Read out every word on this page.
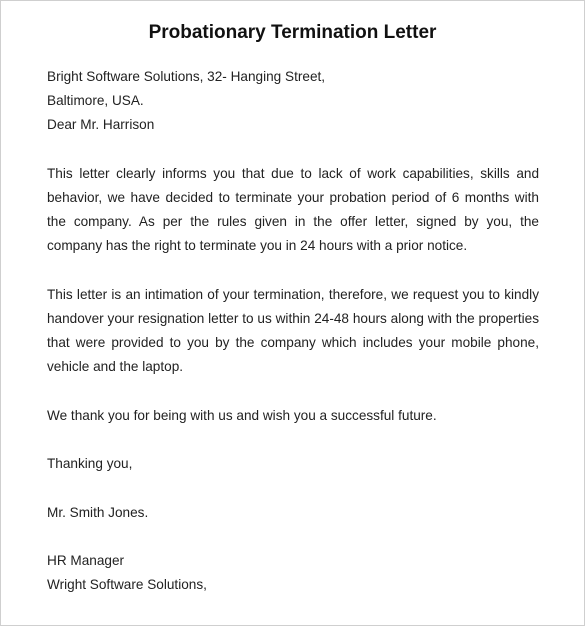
Probationary Termination Letter
Bright Software Solutions, 32- Hanging Street,
Baltimore, USA.
Dear Mr. Harrison

This letter clearly informs you that due to lack of work capabilities, skills and behavior, we have decided to terminate your probation period of 6 months with the company. As per the rules given in the offer letter, signed by you, the company has the right to terminate you in 24 hours with a prior notice.

This letter is an intimation of your termination, therefore, we request you to kindly handover your resignation letter to us within 24-48 hours along with the properties that were provided to you by the company which includes your mobile phone, vehicle and the laptop.

We thank you for being with us and wish you a successful future.

Thanking you,
Mr. Smith Jones.
HR Manager
Wright Software Solutions,
